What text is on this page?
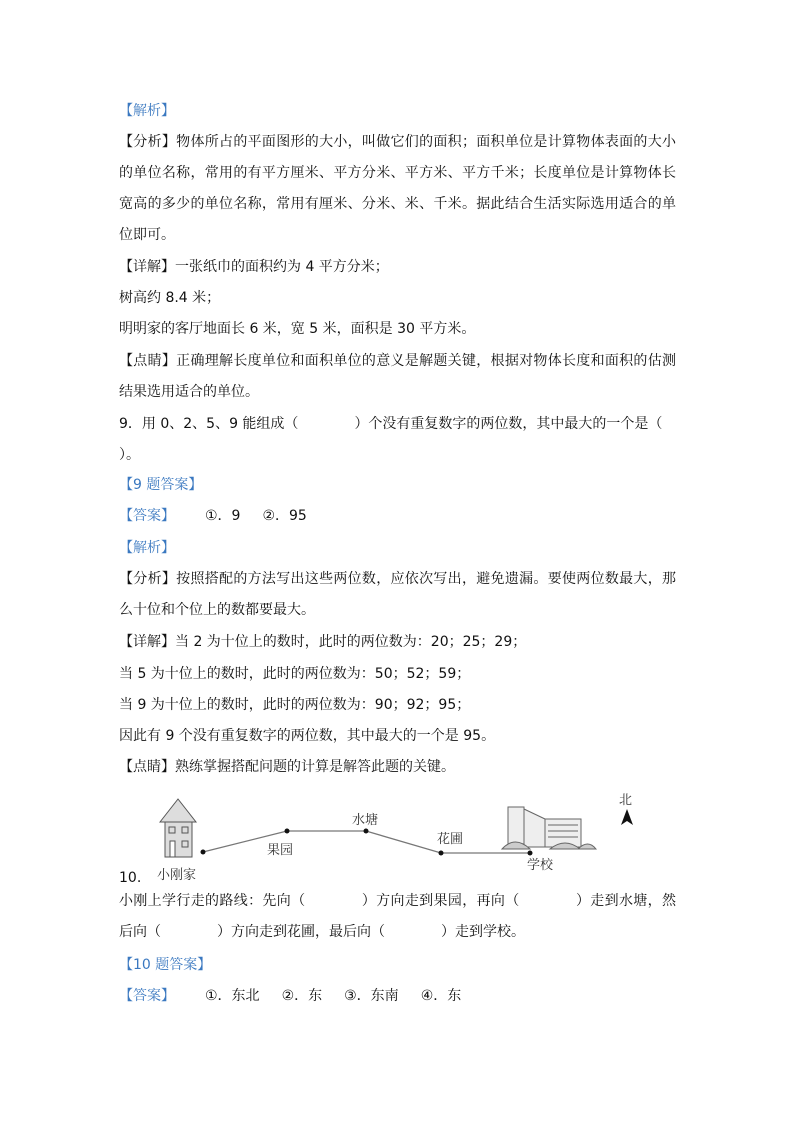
【解析】
【分析】物体所占的平面图形的大小，叫做它们的面积；面积单位是计算物体表面的大小的单位名称，常用的有平方厘米、平方分米、平方米、平方千米；长度单位是计算物体长宽高的多少的单位名称，常用有厘米、分米、米、千米。据此结合生活实际选用适合的单位即可。
【详解】一张纸巾的面积约为 4 平方分米；
树高约 8.4 米；
明明家的客厅地面长 6 米，宽 5 米，面积是 30 平方米。
【点睛】正确理解长度单位和面积单位的意义是解题关键，根据对物体长度和面积的估测结果选用适合的单位。
9．用 0、2、5、9 能组成（	）个没有重复数字的两位数，其中最大的一个是（
）。
【9 题答案】
【答案】 ①．9 ②．95
【解析】
【分析】按照搭配的方法写出这些两位数，应依次写出，避免遗漏。要使两位数最大，那么十位和个位上的数都要最大。
【详解】当 2 为十位上的数时，此时的两位数为：20；25；29；
当 5 为十位上的数时，此时的两位数为：50；52；59；
当 9 为十位上的数时，此时的两位数为：90；92；95；
因此有 9 个没有重复数字的两位数，其中最大的一个是 95。
【点睛】熟练掌握搭配问题的计算是解答此题的关键。
北
小刚家
果园
水塘
花圃
学校
10.
小刚上学行走的路线：先向（	）方向走到果园，再向（	）走到水塘，然后向（	）方向走到花圃，最后向（	）走到学校。
【10 题答案】
【答案】 ①．东北 ②．东 ③．东南 ④．东
